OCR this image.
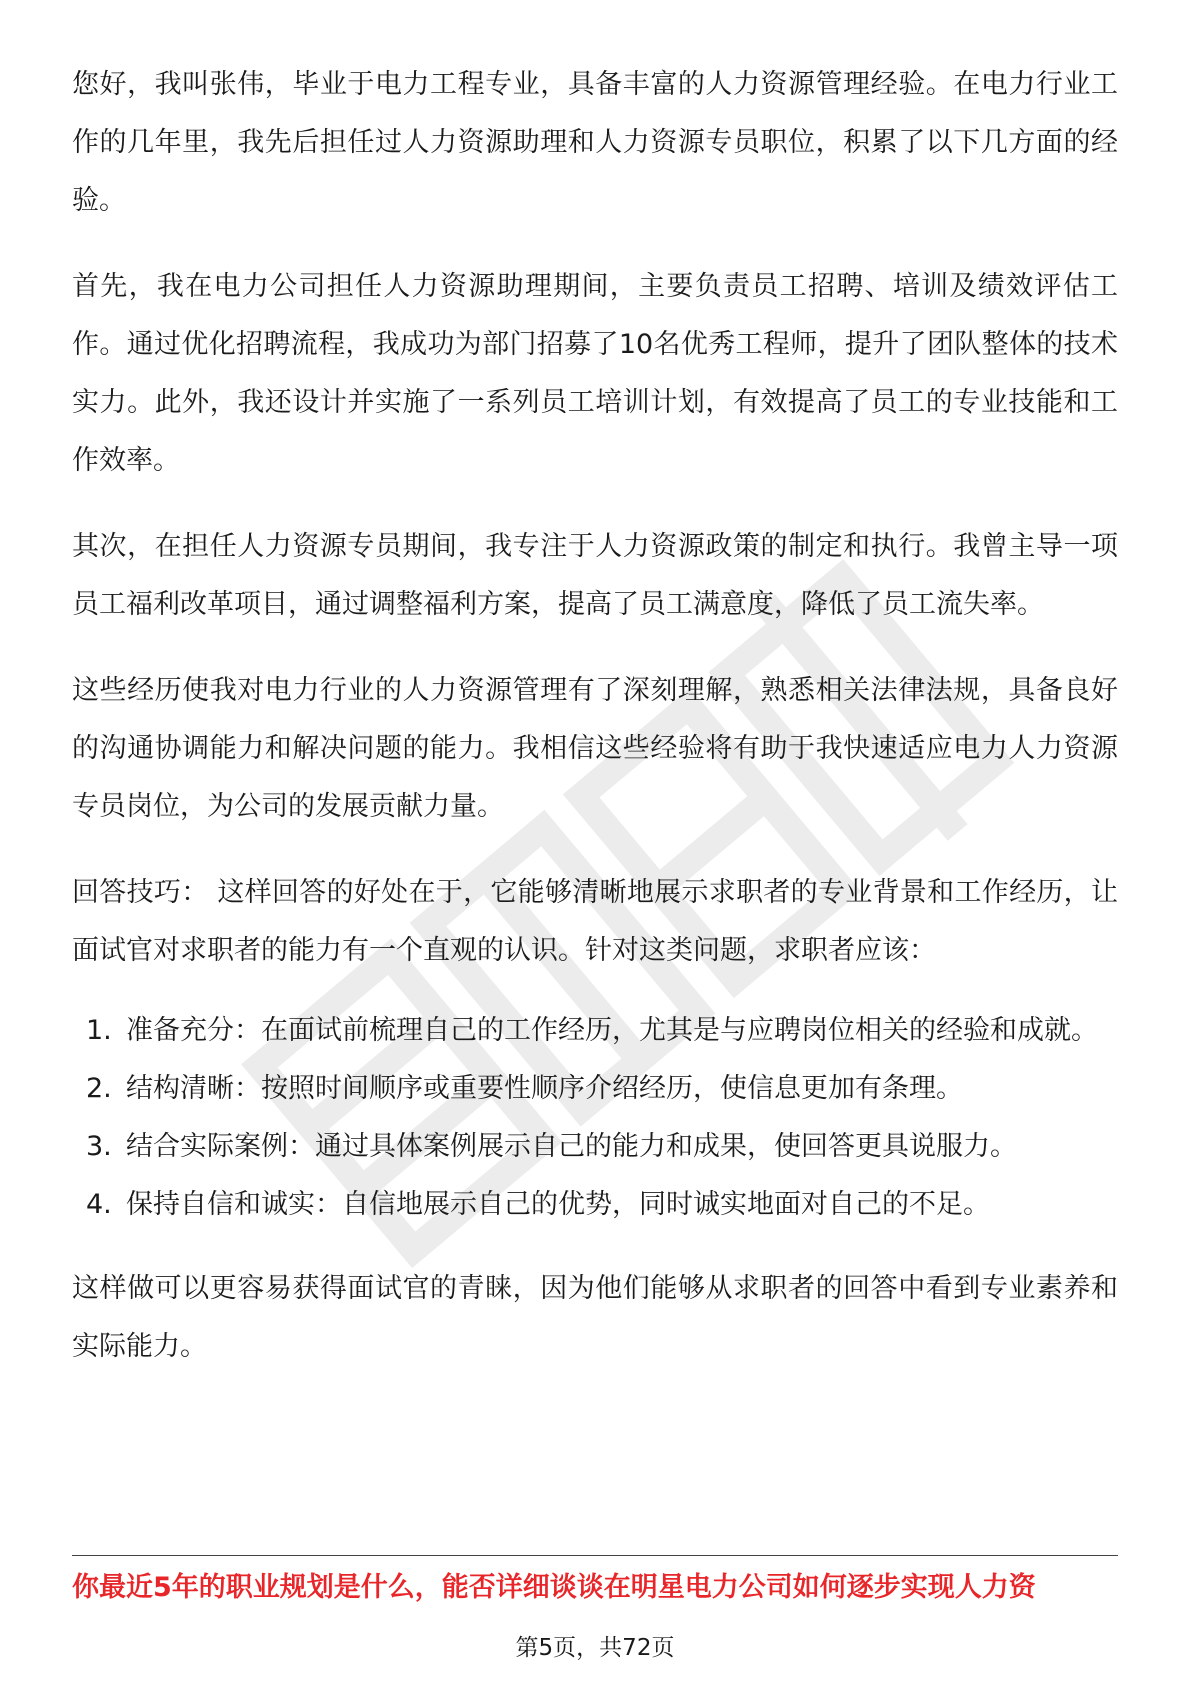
您好，我叫张伟，毕业于电力工程专业，具备丰富的人力资源管理经验。在电力行业工作的几年里，我先后担任过人力资源助理和人力资源专员职位，积累了以下几方面的经验。

首先，我在电力公司担任人力资源助理期间，主要负责员工招聘、培训及绩效评估工作。通过优化招聘流程，我成功为部门招募了10名优秀工程师，提升了团队整体的技术实力。此外，我还设计并实施了一系列员工培训计划，有效提高了员工的专业技能和工作效率。

其次，在担任人力资源专员期间，我专注于人力资源政策的制定和执行。我曾主导一项员工福利改革项目，通过调整福利方案，提高了员工满意度，降低了员工流失率。

这些经历使我对电力行业的人力资源管理有了深刻理解，熟悉相关法律法规，具备良好的沟通协调能力和解决问题的能力。我相信这些经验将有助于我快速适应电力人力资源专员岗位，为公司的发展贡献力量。

回答技巧： 这样回答的好处在于，它能够清晰地展示求职者的专业背景和工作经历，让面试官对求职者的能力有一个直观的认识。针对这类问题，求职者应该：

1. 准备充分：在面试前梳理自己的工作经历，尤其是与应聘岗位相关的经验和成就。
2. 结构清晰：按照时间顺序或重要性顺序介绍经历，使信息更加有条理。
3. 结合实际案例：通过具体案例展示自己的能力和成果，使回答更具说服力。
4. 保持自信和诚实：自信地展示自己的优势，同时诚实地面对自己的不足。

这样做可以更容易获得面试官的青睐，因为他们能够从求职者的回答中看到专业素养和实际能力。

你最近5年的职业规划是什么，能否详细谈谈在明星电力公司如何逐步实现人力资
第5页，共72页
